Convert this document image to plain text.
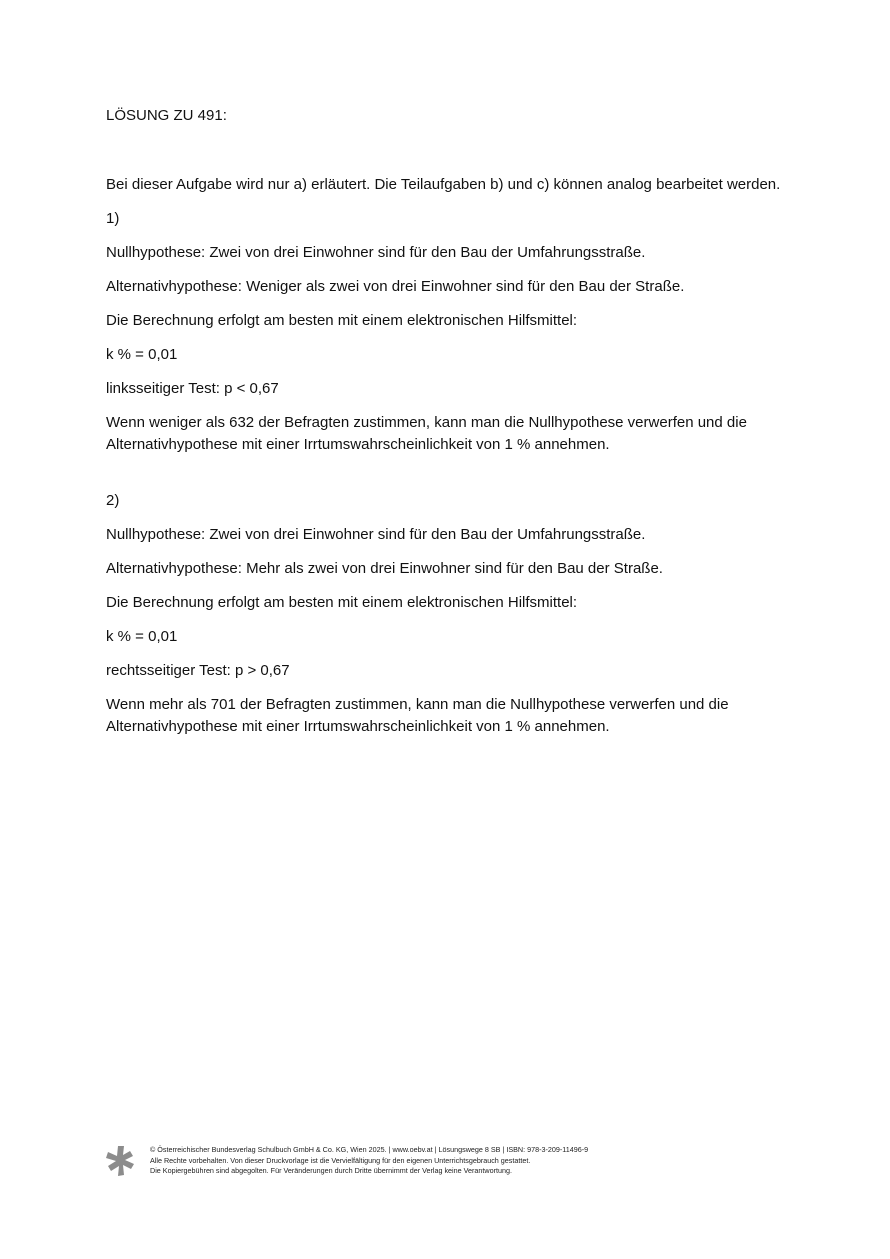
LÖSUNG ZU 491:

Bei dieser Aufgabe wird nur a) erläutert. Die Teilaufgaben b) und c) können analog bearbeitet werden.

1)

Nullhypothese: Zwei von drei Einwohner sind für den Bau der Umfahrungsstraße.

Alternativhypothese: Weniger als zwei von drei Einwohner sind für den Bau der Straße.

Die Berechnung erfolgt am besten mit einem elektronischen Hilfsmittel:

k % = 0,01

linksseitiger Test: p < 0,67

Wenn weniger als 632 der Befragten zustimmen, kann man die Nullhypothese verwerfen und die Alternativhypothese mit einer Irrtumswahrscheinlichkeit von 1 % annehmen.

2)

Nullhypothese: Zwei von drei Einwohner sind für den Bau der Umfahrungsstraße.

Alternativhypothese: Mehr als zwei von drei Einwohner sind für den Bau der Straße.

Die Berechnung erfolgt am besten mit einem elektronischen Hilfsmittel:

k % = 0,01

rechtsseitiger Test: p > 0,67

Wenn mehr als 701 der Befragten zustimmen, kann man die Nullhypothese verwerfen und die Alternativhypothese mit einer Irrtumswahrscheinlichkeit von 1 % annehmen.

© Österreichischer Bundesverlag Schulbuch GmbH & Co. KG, Wien 2025. | www.oebv.at | Lösungswege 8 SB | ISBN: 978-3-209-11496-9
Alle Rechte vorbehalten. Von dieser Druckvorlage ist die Vervielfältigung für den eigenen Unterrichtsgebrauch gestattet.
Die Kopiergebühren sind abgegolten. Für Veränderungen durch Dritte übernimmt der Verlag keine Verantwortung.
